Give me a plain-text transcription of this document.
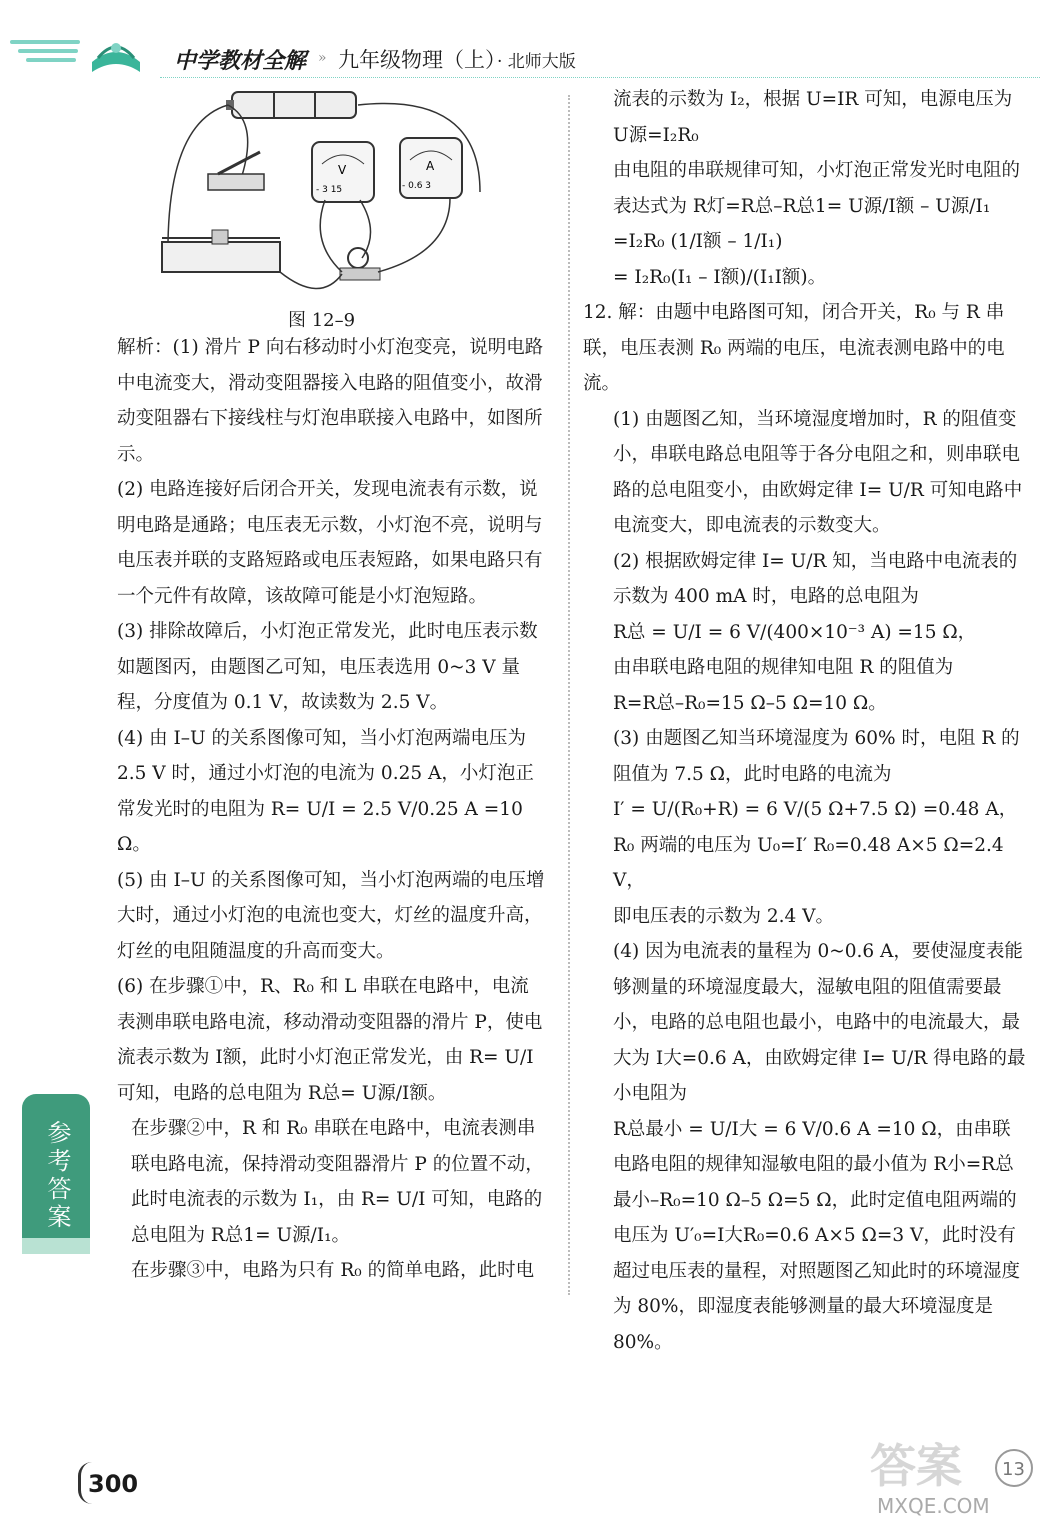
中学教材全解 » 九年级物理（上）
· 北师大版
V
- 3 15
A
- 0.6 3
图 12–9

解析：(1) 滑片 P 向右移动时小灯泡变亮，说明电路中电流变大，滑动变阻器接入电路的阻值变小，故滑动变阻器右下接线柱与灯泡串联接入电路中，如图所示。

(2) 电路连接好后闭合开关，发现电流表有示数，说明电路是通路；电压表无示数，小灯泡不亮，说明与电压表并联的支路短路或电压表短路，如果电路只有一个元件有故障，该故障可能是小灯泡短路。

(3) 排除故障后，小灯泡正常发光，此时电压表示数如题图丙，由题图乙可知，电压表选用 0~3 V 量程，分度值为 0.1 V，故读数为 2.5 V。

(4) 由 I–U 的关系图像可知，当小灯泡两端电压为 2.5 V 时，通过小灯泡的电流为 0.25 A，小灯泡正常发光时的电阻为 R= U/I = 2.5 V/0.25 A =10 Ω。

(5) 由 I–U 的关系图像可知，当小灯泡两端的电压增大时，通过小灯泡的电流也变大，灯丝的温度升高，灯丝的电阻随温度的升高而变大。

(6) 在步骤①中，R、R₀ 和 L 串联在电路中，电流表测串联电路电流，移动滑动变阻器的滑片 P，使电流表示数为 I额，此时小灯泡正常发光，由 R= U/I 可知，电路的总电阻为 R总= U源/I额。

在步骤②中，R 和 R₀ 串联在电路中，电流表测串联电路电流，保持滑动变阻器滑片 P 的位置不动，此时电流表的示数为 I₁，由 R= U/I 可知，电路的总电阻为 R总1= U源/I₁。

在步骤③中，电路为只有 R₀ 的简单电路，此时电

流表的示数为 I₂，根据 U=IR 可知，电源电压为

U源=I₂R₀

由电阻的串联规律可知，小灯泡正常发光时电阻的表达式为 R灯=R总–R总1= U源/I额 – U源/I₁ =I₂R₀ (1/I额 – 1/I₁)

= I₂R₀(I₁ – I额)/(I₁I额)。

12. 解：由题中电路图可知，闭合开关，R₀ 与 R 串联，电压表测 R₀ 两端的电压，电流表测电路中的电流。

(1) 由题图乙知，当环境湿度增加时，R 的阻值变小，串联电路总电阻等于各分电阻之和，则串联电路的总电阻变小，由欧姆定律 I= U/R 可知电路中电流变大，即电流表的示数变大。

(2) 根据欧姆定律 I= U/R 知，当电路中电流表的示数为 400 mA 时，电路的总电阻为

R总 = U/I = 6 V/(400×10⁻³ A) =15 Ω，

由串联电路电阻的规律知电阻 R 的阻值为

R=R总–R₀=15 Ω–5 Ω=10 Ω。

(3) 由题图乙知当环境湿度为 60% 时，电阻 R 的阻值为 7.5 Ω，此时电路的电流为

I′ = U/(R₀+R) = 6 V/(5 Ω+7.5 Ω) =0.48 A，

R₀ 两端的电压为 U₀=I′ R₀=0.48 A×5 Ω=2.4 V，

即电压表的示数为 2.4 V。

(4) 因为电流表的量程为 0~0.6 A，要使湿度表能够测量的环境湿度最大，湿敏电阻的阻值需要最小，电路的总电阻也最小，电路中的电流最大，最大为 I大=0.6 A，由欧姆定律 I= U/R 得电路的最小电阻为

R总最小 = U/I大 = 6 V/0.6 A =10 Ω，由串联电路电阻的规律知湿敏电阻的最小值为 R小=R总最小–R₀=10 Ω–5 Ω=5 Ω，此时定值电阻两端的电压为 U′₀=I大R₀=0.6 A×5 Ω=3 V，此时没有超过电压表的量程，对照题图乙知此时的环境湿度为 80%，即湿度表能够测量的最大环境湿度是 80%。

参考答案
300	答案 13
MXQE.COM
